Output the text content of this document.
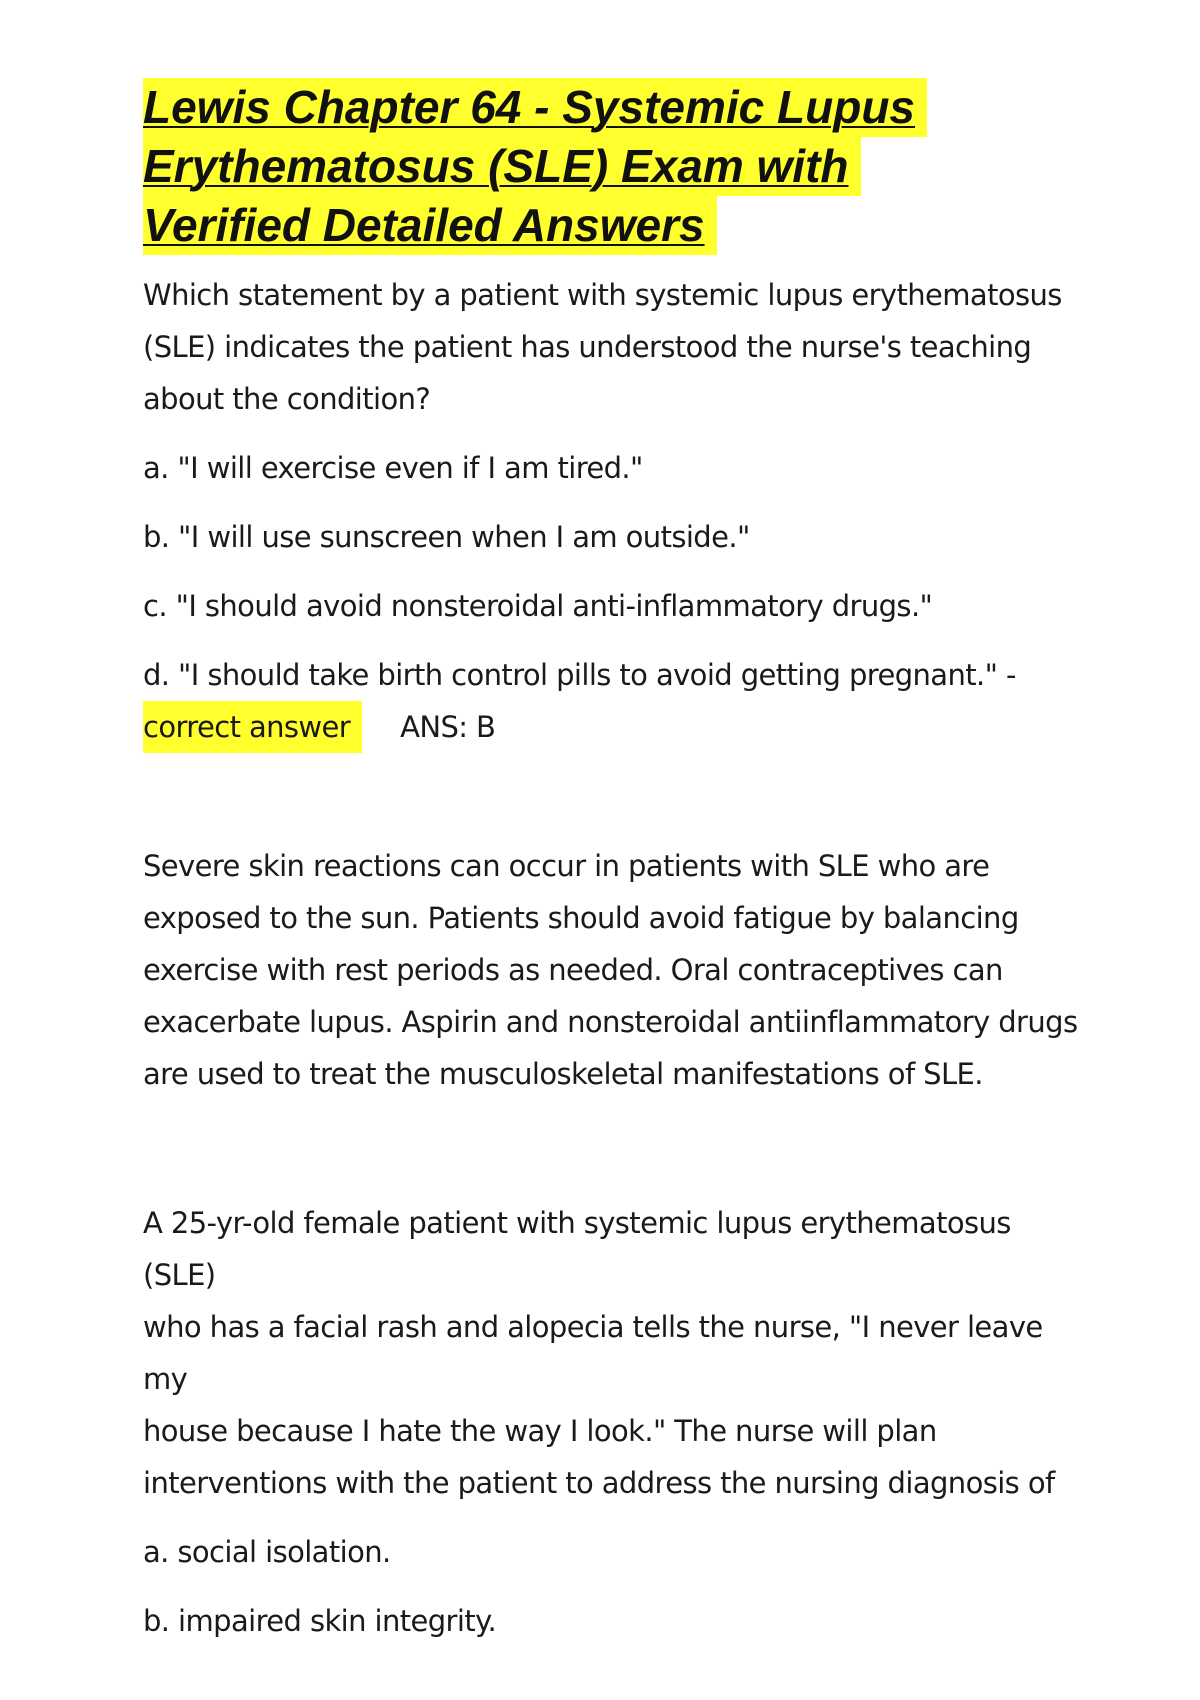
Lewis Chapter 64 - Systemic Lupus
Erythematosus (SLE) Exam with
Verified Detailed Answers

Which statement by a patient with systemic lupus erythematosus
(SLE) indicates the patient has understood the nurse's teaching
about the condition?

a. "I will exercise even if I am tired."

b. "I will use sunscreen when I am outside."

c. "I should avoid nonsteroidal anti-inflammatory drugs."

d. "I should take birth control pills to avoid getting pregnant." -

correct answer	ANS: B

Severe skin reactions can occur in patients with SLE who are
exposed to the sun. Patients should avoid fatigue by balancing
exercise with rest periods as needed. Oral contraceptives can
exacerbate lupus. Aspirin and nonsteroidal antiinflammatory drugs
are used to treat the musculoskeletal manifestations of SLE.

A 25-yr-old female patient with systemic lupus erythematosus (SLE)
who has a facial rash and alopecia tells the nurse, "I never leave my
house because I hate the way I look." The nurse will plan
interventions with the patient to address the nursing diagnosis of

a. social isolation.

b. impaired skin integrity.
